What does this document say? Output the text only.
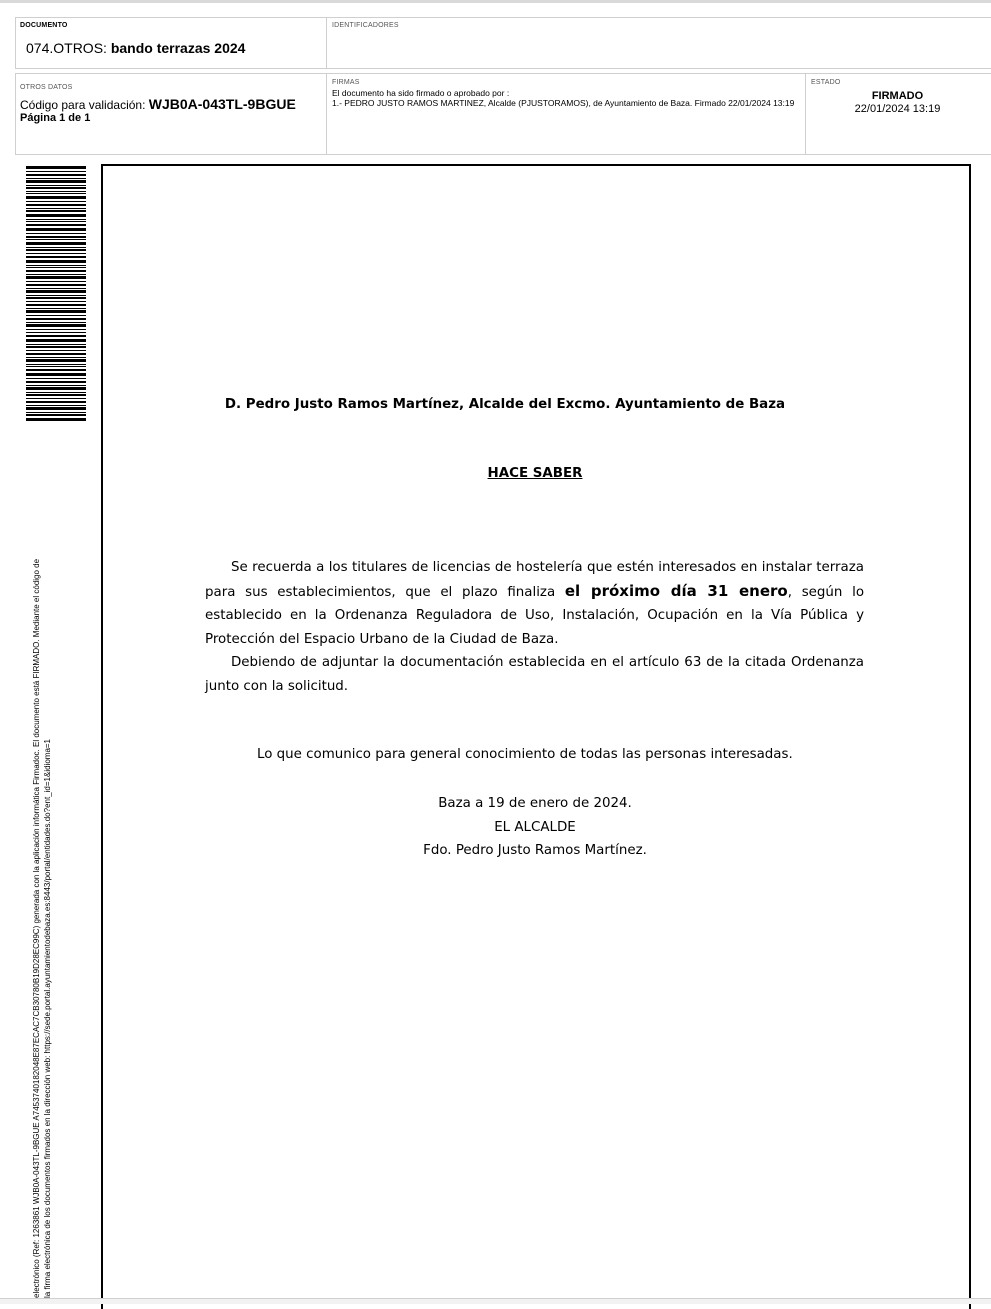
DOCUMENTO
074.OTROS: bando terrazas 2024
IDENTIFICADORES
OTROS DATOS
Código para validación: WJB0A-043TL-9BGUE
Página 1 de 1
FIRMAS
El documento ha sido firmado o aprobado por :
1.- PEDRO JUSTO RAMOS MARTINEZ, Alcalde (PJUSTORAMOS), de Ayuntamiento de Baza. Firmado 22/01/2024 13:19
ESTADO
FIRMADO
22/01/2024 13:19
electrónico (Ref: 1263861 WJB0A-043TL-9BGUE A7453740182048E87ECAC7CB30780B19D28EC99C) generada con la aplicación informática Firmadoc. El documento está FIRMADO. Mediante el código de la firma electrónica de los documentos firmados en la dirección web: https://sede.portal.ayuntamientodebaza.es:8443/portal/entidades.do?ent_id=1&idioma=1
D. Pedro Justo Ramos Martínez, Alcalde del Excmo. Ayuntamiento de Baza
HACE SABER

Se recuerda a los titulares de licencias de hostelería que estén interesados en instalar terraza para sus establecimientos, que el plazo finaliza el próximo día 31 enero, según lo establecido en la Ordenanza Reguladora de Uso, Instalación, Ocupación en la Vía Pública y Protección del Espacio Urbano de la Ciudad de Baza.

Debiendo de adjuntar la documentación establecida en el artículo 63 de la citada Ordenanza junto con la solicitud.

Lo que comunico para general conocimiento de todas las personas interesadas.
Baza a 19 de enero de 2024.
EL ALCALDE
Fdo. Pedro Justo Ramos Martínez.
